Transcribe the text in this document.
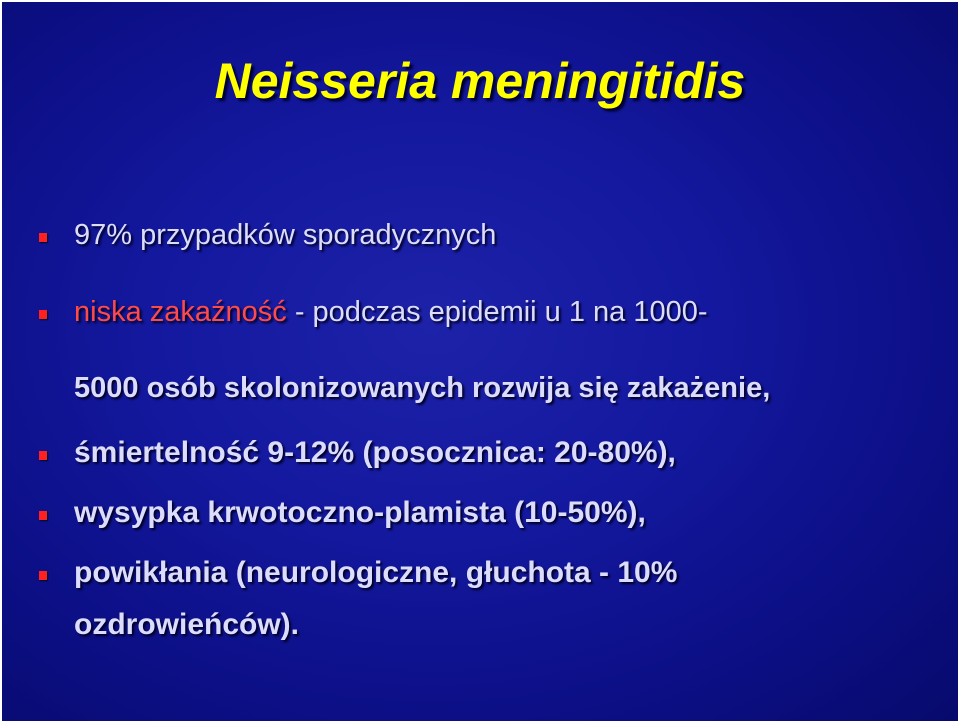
Neisseria meningitidis
97% przypadków sporadycznych
niska zakaźność - podczas epidemii u 1 na 1000-
5000 osób skolonizowanych rozwija się zakażenie,
śmiertelność 9-12% (posocznica: 20-80%),
wysypka krwotoczno-plamista (10-50%),
powikłania (neurologiczne, głuchota - 10%
ozdrowieńców).
